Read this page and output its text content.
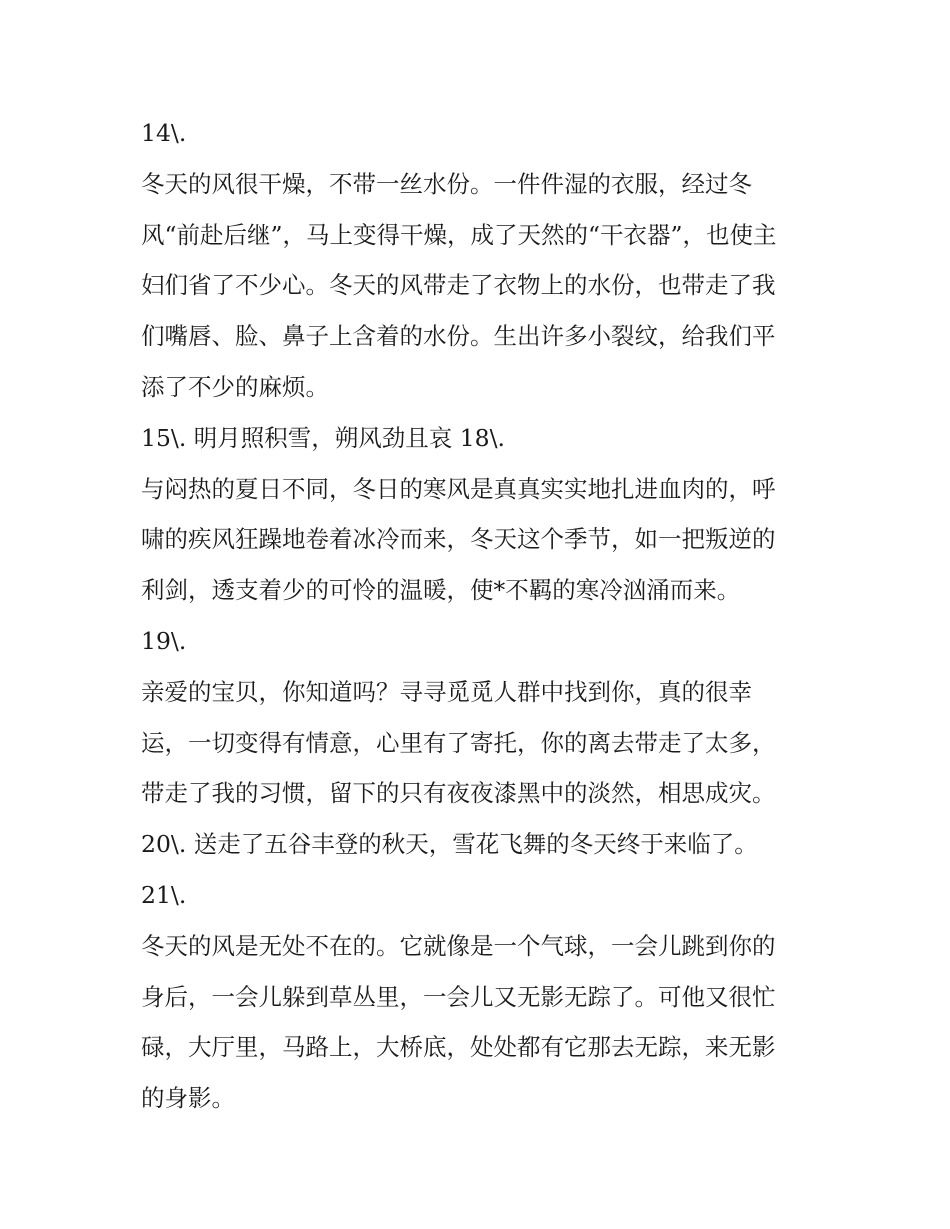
14\.
冬天的风很干燥，不带一丝水份。一件件湿的衣服，经过冬
风“前赴后继”，马上变得干燥，成了天然的“干衣器”，也使主
妇们省了不少心。冬天的风带走了衣物上的水份，也带走了我
们嘴唇、脸、鼻子上含着的水份。生出许多小裂纹，给我们平
添了不少的麻烦。
15\. 明月照积雪，朔风劲且哀 18\.
与闷热的夏日不同，冬日的寒风是真真实实地扎进血肉的，呼
啸的疾风狂躁地卷着冰冷而来，冬天这个季节，如一把叛逆的
利剑，透支着少的可怜的温暖，使*不羁的寒冷汹涌而来。
19\.
亲爱的宝贝，你知道吗？寻寻觅觅人群中找到你，真的很幸
运，一切变得有情意，心里有了寄托，你的离去带走了太多，
带走了我的习惯，留下的只有夜夜漆黑中的淡然，相思成灾。
20\. 送走了五谷丰登的秋天，雪花飞舞的冬天终于来临了。
21\.
冬天的风是无处不在的。它就像是一个气球，一会儿跳到你的
身后，一会儿躲到草丛里，一会儿又无影无踪了。可他又很忙
碌，大厅里，马路上，大桥底，处处都有它那去无踪，来无影
的身影。
